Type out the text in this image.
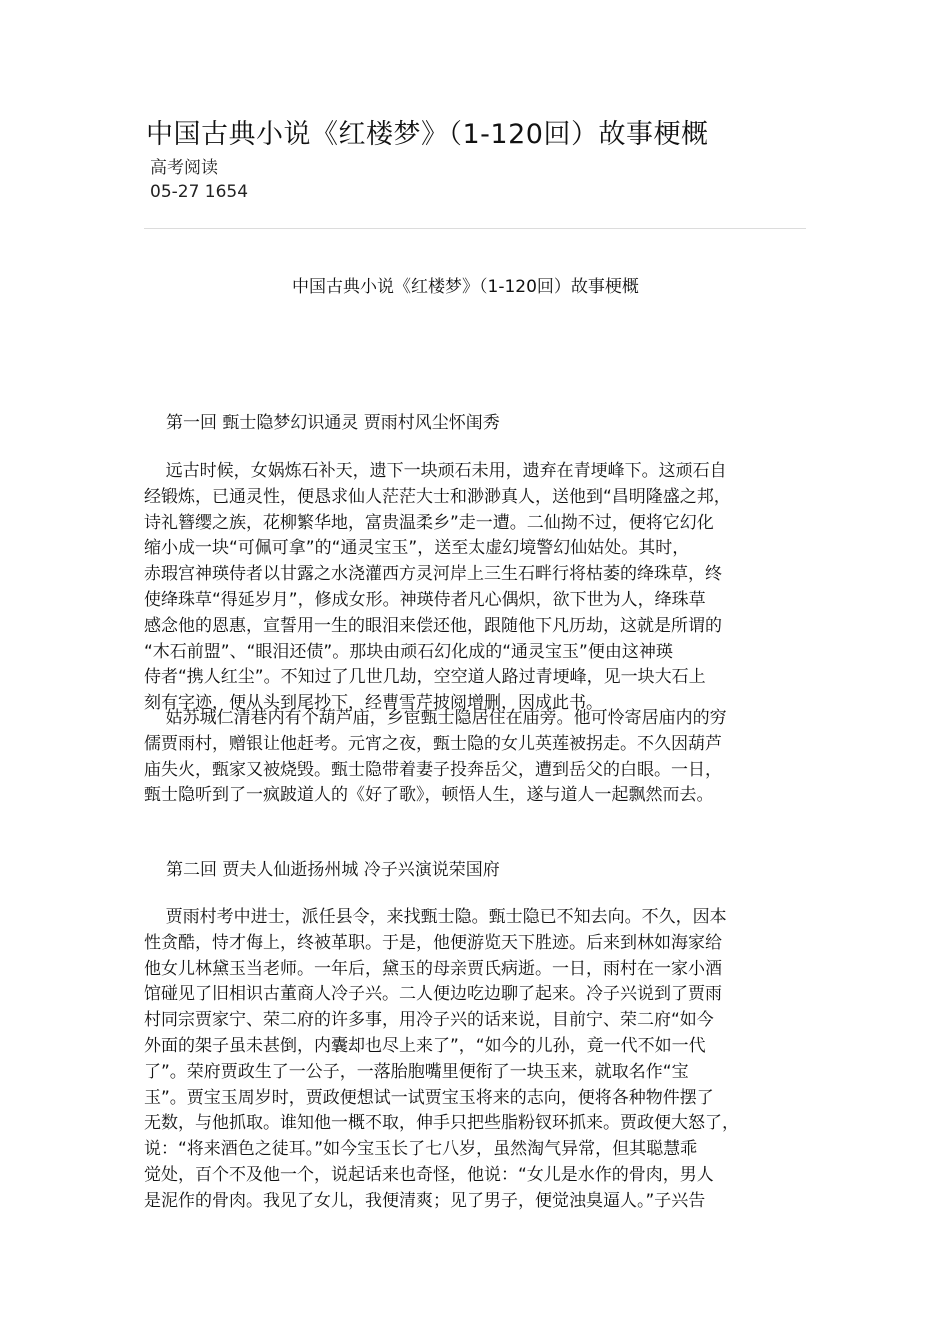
中国古典小说《红楼梦》（1-120回）故事梗概
高考阅读
05-27 1654
中国古典小说《红楼梦》（1-120回）故事梗概
第一回 甄士隐梦幻识通灵 贾雨村风尘怀闺秀
远古时候，女娲炼石补天，遗下一块顽石未用，遗弃在青埂峰下。这顽石自
经锻炼，已通灵性，便恳求仙人茫茫大士和渺渺真人，送他到“昌明隆盛之邦，
诗礼簪缨之族，花柳繁华地，富贵温柔乡”走一遭。二仙拗不过，便将它幻化
缩小成一块“可佩可拿”的“通灵宝玉”，送至太虚幻境警幻仙姑处。其时，
赤瑕宫神瑛侍者以甘露之水浇灌西方灵河岸上三生石畔行将枯萎的绛珠草，终
使绛珠草“得延岁月”，修成女形。神瑛侍者凡心偶炽，欲下世为人，绛珠草
感念他的恩惠，宣誓用一生的眼泪来偿还他，跟随他下凡历劫，这就是所谓的
“木石前盟”、“眼泪还债”。那块由顽石幻化成的“通灵宝玉”便由这神瑛
侍者“携人红尘”。不知过了几世几劫，空空道人路过青埂峰，见一块大石上
刻有字迹，便从头到尾抄下，经曹雪芹披阅增删，因成此书。
姑苏城仁清巷内有个葫芦庙，乡宦甄士隐居住在庙旁。他可怜寄居庙内的穷
儒贾雨村，赠银让他赶考。元宵之夜，甄士隐的女儿英莲被拐走。不久因葫芦
庙失火，甄家又被烧毁。甄士隐带着妻子投奔岳父，遭到岳父的白眼。一日，
甄士隐听到了一疯跛道人的《好了歌》，顿悟人生，遂与道人一起飘然而去。
第二回 贾夫人仙逝扬州城 冷子兴演说荣国府
贾雨村考中进士，派任县令，来找甄士隐。甄士隐已不知去向。不久，因本
性贪酷，恃才侮上，终被革职。于是，他便游览天下胜迹。后来到林如海家给
他女儿林黛玉当老师。一年后，黛玉的母亲贾氏病逝。一日，雨村在一家小酒
馆碰见了旧相识古董商人冷子兴。二人便边吃边聊了起来。冷子兴说到了贾雨
村同宗贾家宁、荣二府的许多事，用冷子兴的话来说，目前宁、荣二府“如今
外面的架子虽未甚倒，内囊却也尽上来了”，“如今的儿孙，竟一代不如一代
了”。荣府贾政生了一公子，一落胎胞嘴里便衔了一块玉来，就取名作“宝
玉”。贾宝玉周岁时，贾政便想试一试贾宝玉将来的志向，便将各种物件摆了
无数，与他抓取。谁知他一概不取，伸手只把些脂粉钗环抓来。贾政便大怒了，
说：“将来酒色之徒耳。”如今宝玉长了七八岁，虽然淘气异常，但其聪慧乖
觉处，百个不及他一个，说起话来也奇怪，他说：“女儿是水作的骨肉，男人
是泥作的骨肉。我见了女儿，我便清爽；见了男子，便觉浊臭逼人。”子兴告
